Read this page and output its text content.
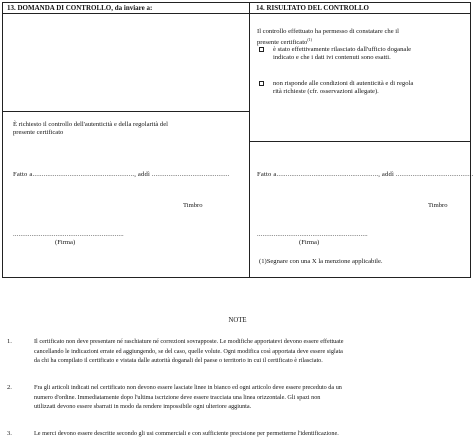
13. DOMANDA DI CONTROLLO, da inviare a:
È richiesto il controllo dell'autenticità e della regolarità del
presente certificato
Fatto a......................................................., addì ..........................................
Timbro
............................................................
(Firma)
14. RISULTATO DEL CONTROLLO
Il controllo effettuato ha permesso di constatare che il
presente certificato$^{(1)}$
è stato effettivamente rilasciato dall'ufficio doganale
indicato e che i dati ivi contenuti sono esatti.
non risponde alle condizioni di autenticità e di regola
rità richieste (cfr. osservazioni allegate).
Fatto a......................................................., addì ..........................................
Timbro
............................................................
(Firma)
(1)Segnare con una X la menzione applicabile.
NOTE
1.	Il certificato non deve presentare né raschiature né correzioni sovrapposte. Le modifiche apportatevi devono essere effettuate
cancellando le indicazioni errate ed aggiungendo, se del caso, quelle volute. Ogni modifica così apportata deve essere siglata
da chi ha compilato il certificato e vistata dalle autorità doganali del paese o territorio in cui il certificato è rilasciato.
2.	Fra gli articoli indicati nel certificato non devono essere lasciate linee in bianco ed ogni articolo deve essere preceduto da un
numero d'ordine. Immediatamente dopo l'ultima iscrizione deve essere tracciata una linea orizzontale. Gli spazi non
utilizzati devono essere sbarrati in modo da rendere impossibile ogni ulteriore aggiunta.
3.	Le merci devono essere descritte secondo gli usi commerciali e con sufficiente precisione per permetterne l'identificazione.
